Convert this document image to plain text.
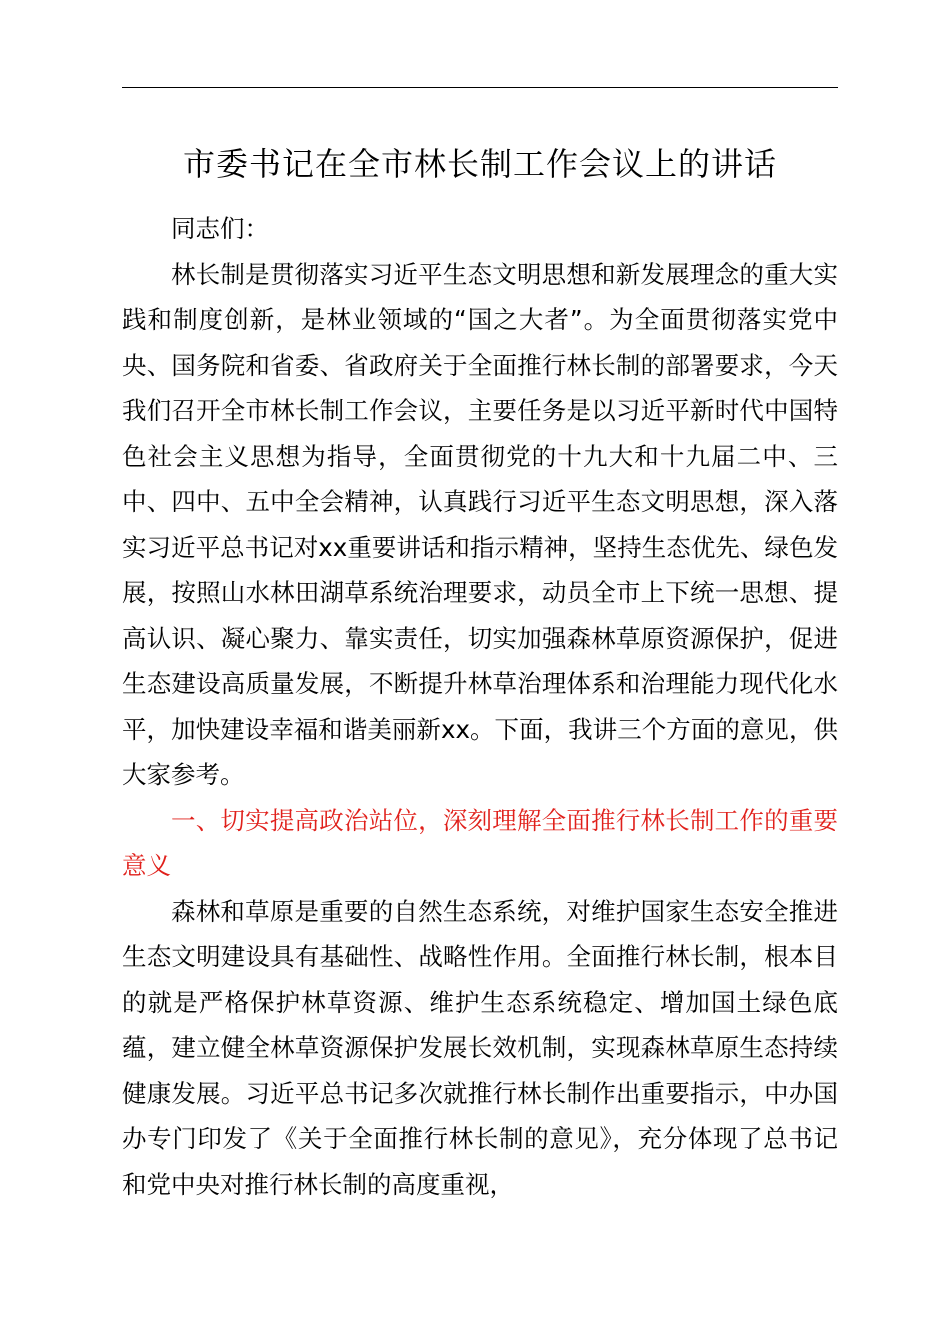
市委书记在全市林长制工作会议上的讲话

同志们：

林长制是贯彻落实习近平生态文明思想和新发展理念的重大实践和制度创新，是林业领域的“国之大者”。为全面贯彻落实党中央、国务院和省委、省政府关于全面推行林长制的部署要求，今天我们召开全市林长制工作会议，主要任务是以习近平新时代中国特色社会主义思想为指导，全面贯彻党的十九大和十九届二中、三中、四中、五中全会精神，认真践行习近平生态文明思想，深入落实习近平总书记对xx重要讲话和指示精神，坚持生态优先、绿色发展，按照山水林田湖草系统治理要求，动员全市上下统一思想、提高认识、凝心聚力、靠实责任，切实加强森林草原资源保护，促进生态建设高质量发展，不断提升林草治理体系和治理能力现代化水平，加快建设幸福和谐美丽新xx。下面，我讲三个方面的意见，供大家参考。

一、切实提高政治站位，深刻理解全面推行林长制工作的重要意义

森林和草原是重要的自然生态系统，对维护国家生态安全推进生态文明建设具有基础性、战略性作用。全面推行林长制，根本目的就是严格保护林草资源、维护生态系统稳定、增加国土绿色底蕴，建立健全林草资源保护发展长效机制，实现森林草原生态持续健康发展。习近平总书记多次就推行林长制作出重要指示，中办国办专门印发了《关于全面推行林长制的意见》，充分体现了总书记和党中央对推行林长制的高度重视，
